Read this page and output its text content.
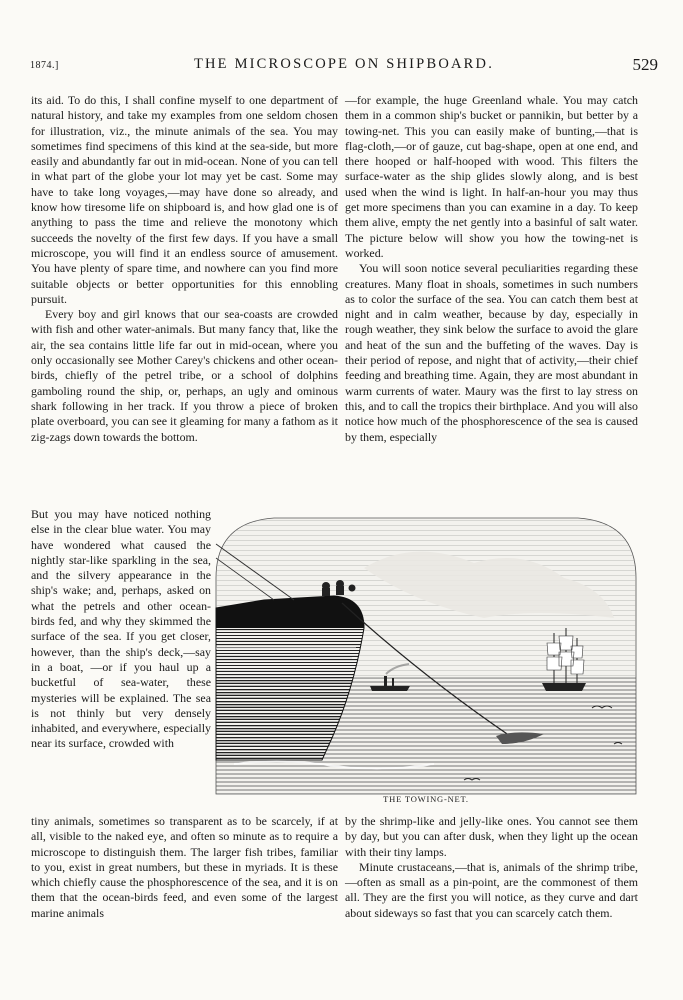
1874.]	THE MICROSCOPE ON SHIPBOARD.	529

its aid. To do this, I shall confine myself to one department of natural history, and take my examples from one seldom chosen for illustration, viz., the minute animals of the sea. You may sometimes find specimens of this kind at the sea-side, but more easily and abundantly far out in mid-ocean. None of you can tell in what part of the globe your lot may yet be cast. Some may have to take long voyages,—may have done so already, and know how tiresome life on shipboard is, and how glad one is of anything to pass the time and relieve the monotony which succeeds the novelty of the first few days. If you have a small microscope, you will find it an endless source of amusement. You have plenty of spare time, and nowhere can you find more suitable objects or better opportunities for this ennobling pursuit.

Every boy and girl knows that our sea-coasts are crowded with fish and other water-animals. But many fancy that, like the air, the sea contains little life far out in mid-ocean, where you only occasionally see Mother Carey's chickens and other ocean-birds, chiefly of the petrel tribe, or a school of dolphins gamboling round the ship, or, perhaps, an ugly and ominous shark following in her track. If you throw a piece of broken plate overboard, you can see it gleaming for many a fathom as it zig-zags down towards the bottom.

But you may have noticed nothing else in the clear blue water. You may have wondered what caused the nightly star-like sparkling in the sea, and the silvery appearance in the ship's wake; and, perhaps, asked on what the petrels and other ocean-birds fed, and why they skimmed the surface of the sea. If you get closer, however, than the ship's deck,—say in a boat, —or if you haul up a bucketful of sea-water, these mysteries will be explained. The sea is not thinly but very densely inhabited, and everywhere, especially near its surface, crowded with

—for example, the huge Greenland whale. You may catch them in a common ship's bucket or pannikin, but better by a towing-net. This you can easily make of bunting,—that is flag-cloth,—or of gauze, cut bag-shape, open at one end, and there hooped or half-hooped with wood. This filters the surface-water as the ship glides slowly along, and is best used when the wind is light. In half-an-hour you may thus get more specimens than you can examine in a day. To keep them alive, empty the net gently into a basinful of salt water. The picture below will show you how the towing-net is worked.

You will soon notice several peculiarities regarding these creatures. Many float in shoals, sometimes in such numbers as to color the surface of the sea. You can catch them best at night and in calm weather, because by day, especially in rough weather, they sink below the surface to avoid the glare and heat of the sun and the buffeting of the waves. Day is their period of repose, and night that of activity,—their chief feeding and breathing time. Again, they are most abundant in warm currents of water. Maury was the first to lay stress on this, and to call the tropics their birthplace. And you will also notice how much of the phosphorescence of the sea is caused by them, especially

THE TOWING-NET.

tiny animals, sometimes so transparent as to be scarcely, if at all, visible to the naked eye, and often so minute as to require a microscope to distinguish them. The larger fish tribes, familiar to you, exist in great numbers, but these in myriads. It is these which chiefly cause the phosphorescence of the sea, and it is on them that the ocean-birds feed, and even some of the largest marine animals

by the shrimp-like and jelly-like ones. You cannot see them by day, but you can after dusk, when they light up the ocean with their tiny lamps.

Minute crustaceans,—that is, animals of the shrimp tribe,—often as small as a pin-point, are the commonest of them all. They are the first you will notice, as they curve and dart about sideways so fast that you can scarcely catch them.
